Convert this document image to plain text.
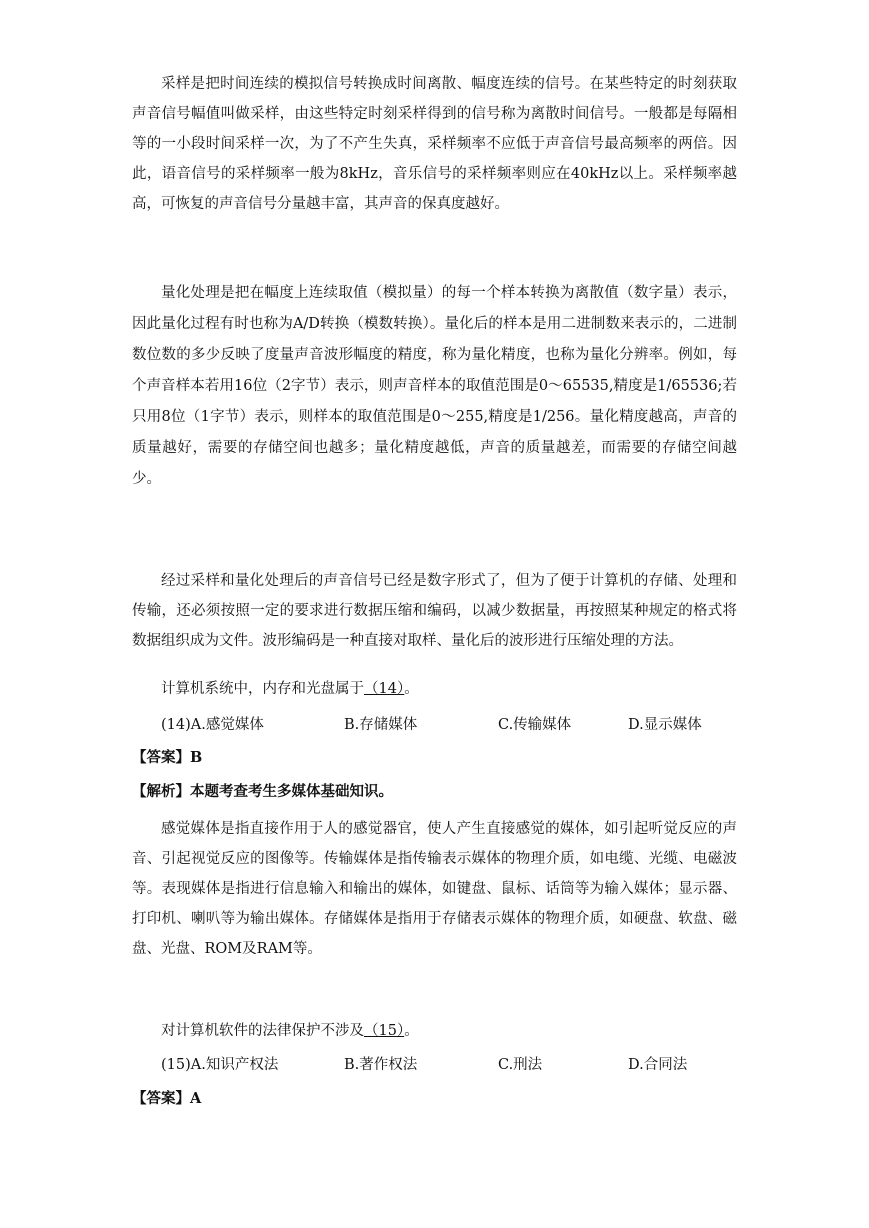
采样是把时间连续的模拟信号转换成时间离散、幅度连续的信号。在某些特定的时刻获取声音信号幅值叫做采样，由这些特定时刻采样得到的信号称为离散时间信号。一般都是每隔相等的一小段时间采样一次，为了不产生失真，采样频率不应低于声音信号最高频率的两倍。因此，语音信号的采样频率一般为8kHz，音乐信号的采样频率则应在40kHz以上。采样频率越高，可恢复的声音信号分量越丰富，其声音的保真度越好。

量化处理是把在幅度上连续取值（模拟量）的每一个样本转换为离散值（数字量）表示，因此量化过程有时也称为A/D转换（模数转换）。量化后的样本是用二进制数来表示的，二进制数位数的多少反映了度量声音波形幅度的精度，称为量化精度，也称为量化分辨率。例如，每个声音样本若用16位（2字节）表示，则声音样本的取值范围是0～65535,精度是1/65536;若只用8位（1字节）表示，则样本的取值范围是0～255,精度是1/256。量化精度越高，声音的质量越好，需要的存储空间也越多；量化精度越低，声音的质量越差，而需要的存储空间越少。

经过采样和量化处理后的声音信号已经是数字形式了，但为了便于计算机的存储、处理和传输，还必须按照一定的要求进行数据压缩和编码，以减少数据量，再按照某种规定的格式将数据组织成为文件。波形编码是一种直接对取样、量化后的波形进行压缩处理的方法。

计算机系统中，内存和光盘属于（14）。

(14)A.感觉媒体	B.存储媒体	C.传输媒体	D.显示媒体

【答案】B

【解析】本题考查考生多媒体基础知识。

感觉媒体是指直接作用于人的感觉器官，使人产生直接感觉的媒体，如引起听觉反应的声音、引起视觉反应的图像等。传输媒体是指传输表示媒体的物理介质，如电缆、光缆、电磁波等。表现媒体是指进行信息输入和输出的媒体，如键盘、鼠标、话筒等为输入媒体；显示器、打印机、喇叭等为输出媒体。存储媒体是指用于存储表示媒体的物理介质，如硬盘、软盘、磁盘、光盘、ROM及RAM等。

对计算机软件的法律保护不涉及（15）。

(15)A.知识产权法	B.著作权法	C.刑法	D.合同法

【答案】A
